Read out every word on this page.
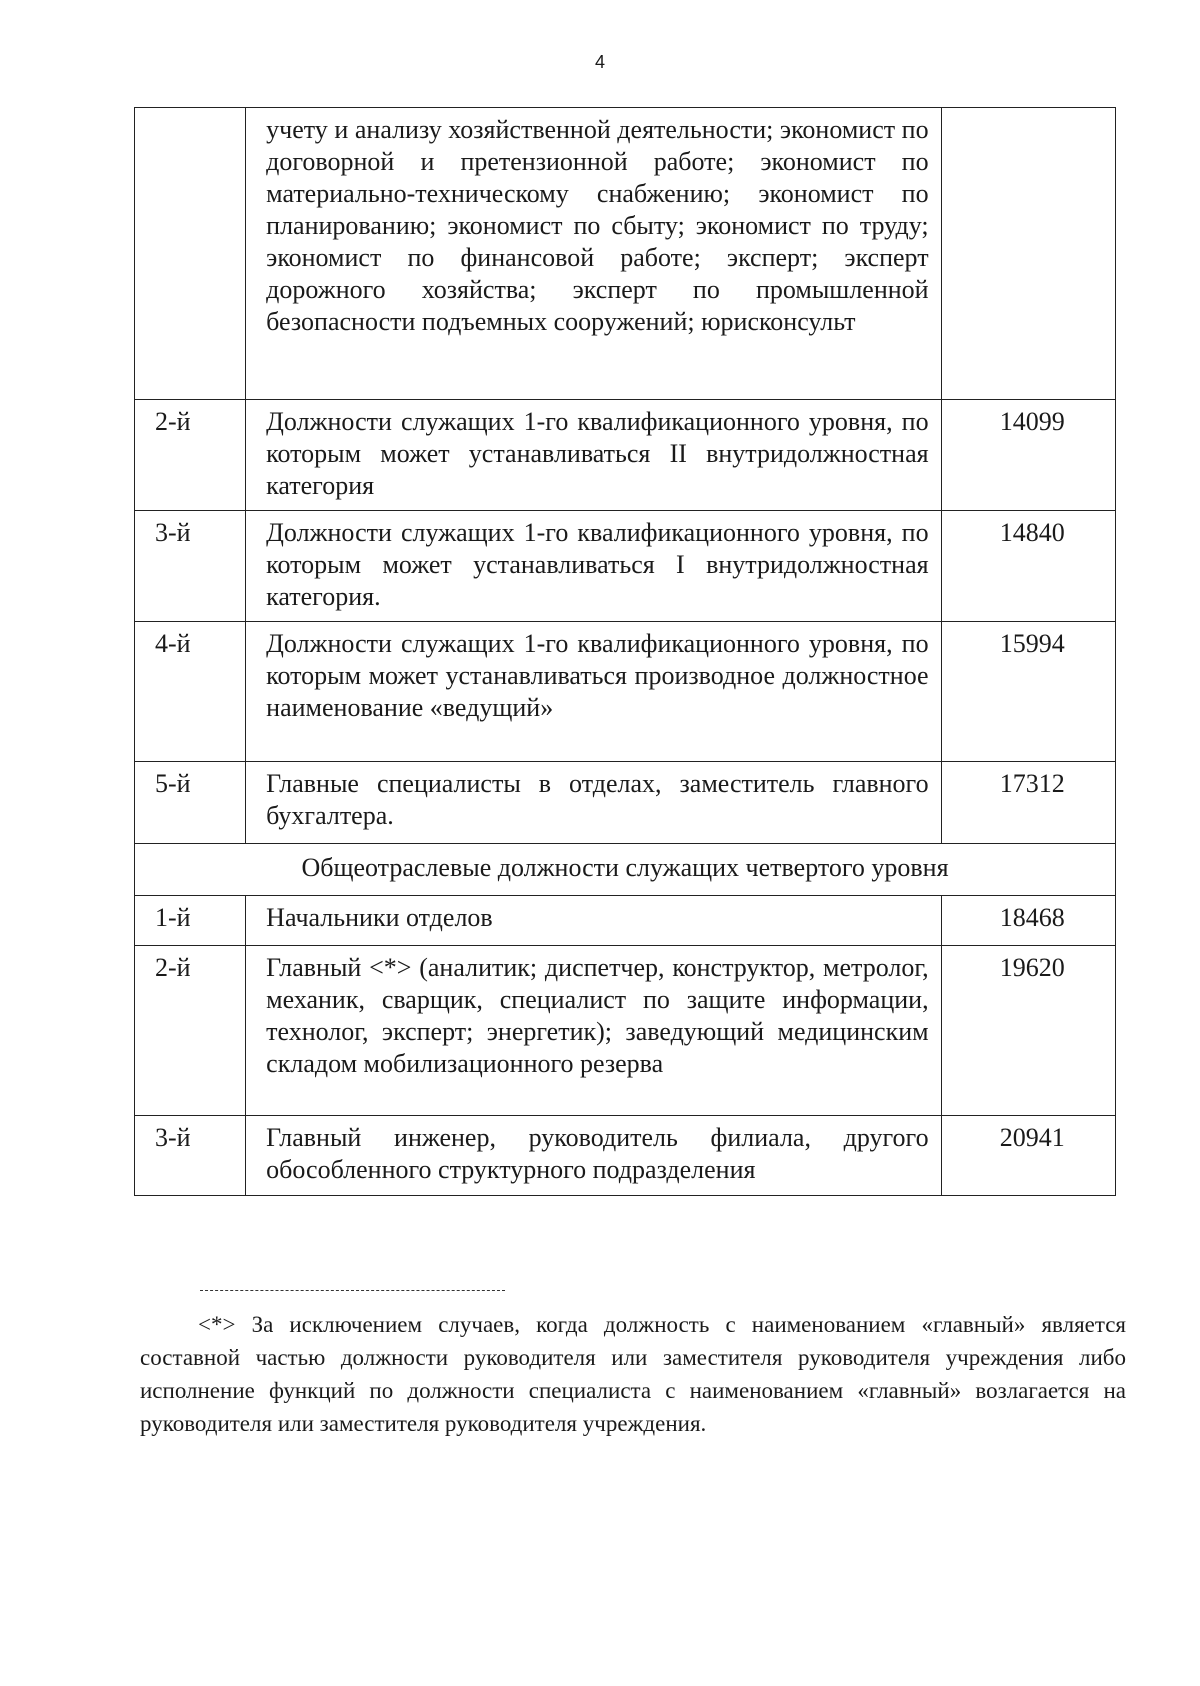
4
	учету и анализу хозяйственной деятельности; экономист по договорной и претензионной работе; экономист по материально-техническому снабжению; экономист по планированию; экономист по сбыту; экономист по труду; экономист по финансовой работе; эксперт; эксперт дорожного хозяйства; эксперт по промышленной безопасности подъемных сооружений; юрисконсульт	
2-й	Должности служащих 1-го квалификационного уровня, по которым может устанавливаться II внутридолжностная категория	14099
3-й	Должности служащих 1-го квалификационного уровня, по которым может устанавливаться I внутридолжностная категория.	14840
4-й	Должности служащих 1-го квалификационного уровня, по которым может устанавливаться производное должностное наименование «ведущий»	15994
5-й	Главные специалисты в отделах, заместитель главного бухгалтера.	17312
Общеотраслевые должности служащих четвертого уровня		
1-й	Начальники отделов	18468
2-й	Главный <*> (аналитик; диспетчер, конструктор, метролог, механик, сварщик, специалист по защите информации, технолог, эксперт; энергетик); заведующий медицинским складом мобилизационного резерва	19620
3-й	Главный инженер, руководитель филиала, другого обособленного структурного подразделения	20941
<*> За исключением случаев, когда должность с наименованием «главный» является составной частью должности руководителя или заместителя руководителя учреждения либо исполнение функций по должности специалиста с наименованием «главный» возлагается на руководителя или заместителя руководителя учреждения.
